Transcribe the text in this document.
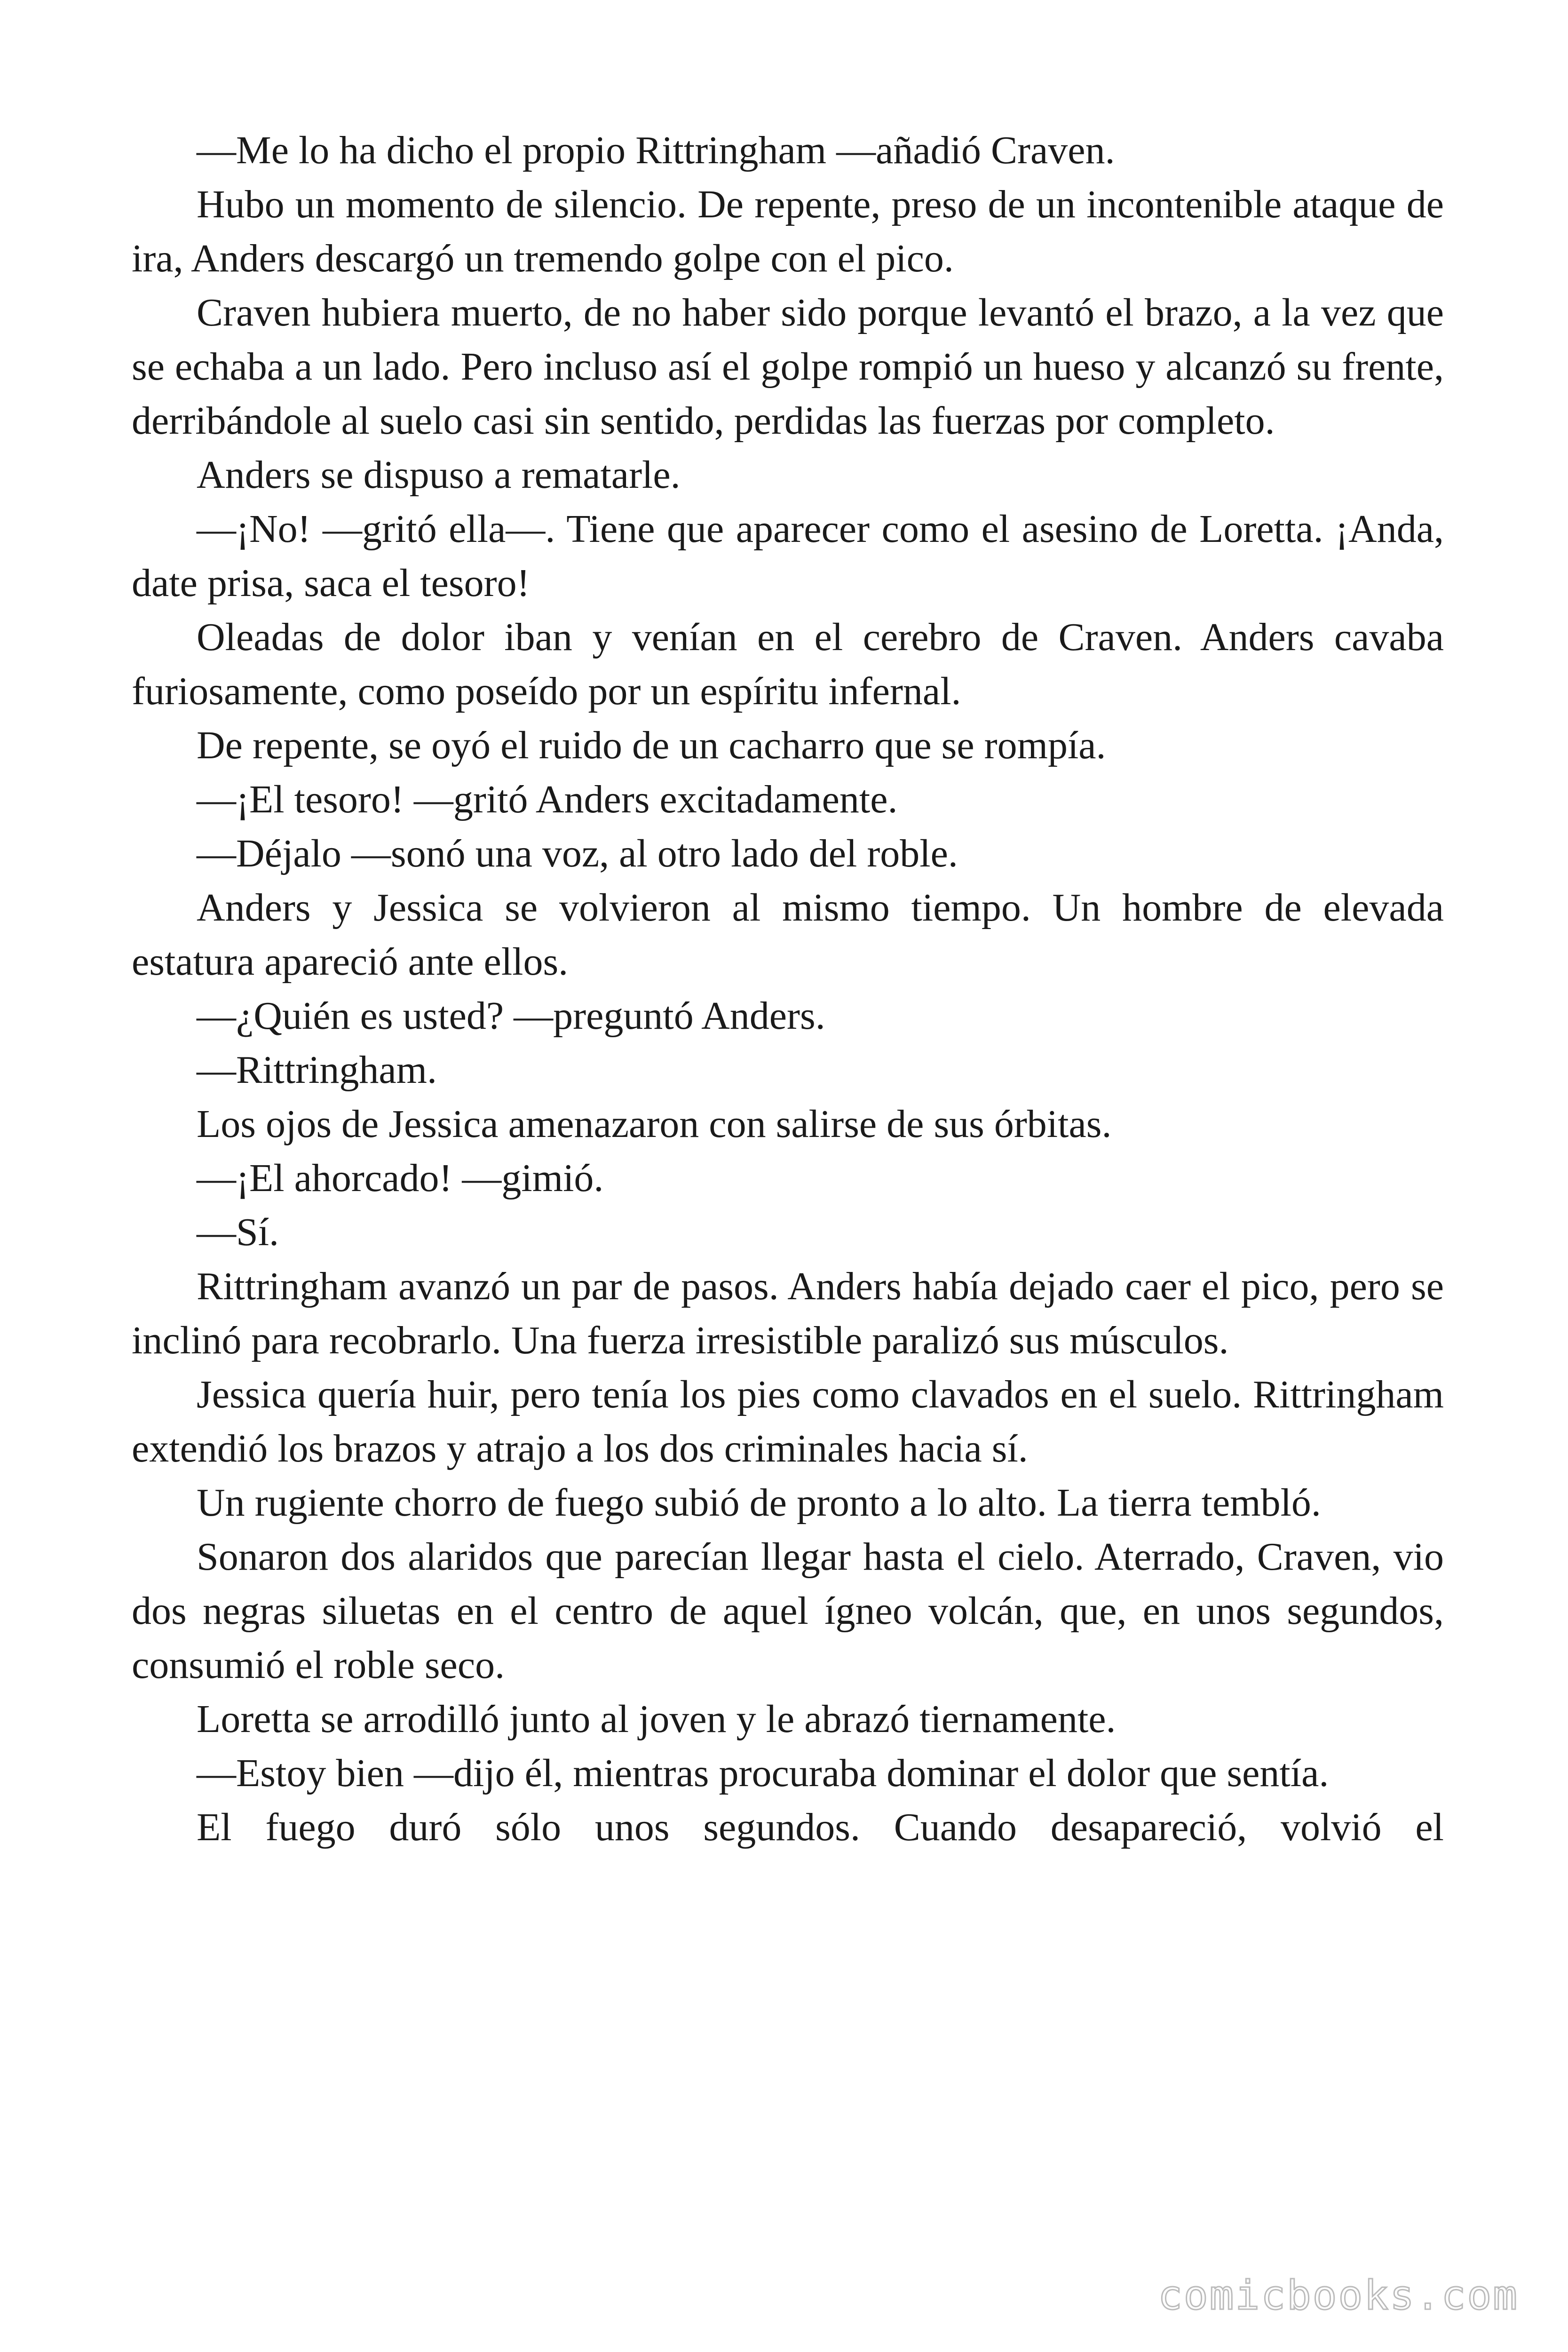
—Me lo ha dicho el propio Rittringham —añadió Craven.

Hubo un momento de silencio. De repente, preso de un incontenible ataque de ira, Anders descargó un tremendo golpe con el pico.

Craven hubiera muerto, de no haber sido porque levantó el brazo, a la vez que se echaba a un lado. Pero incluso así el golpe rompió un hueso y alcanzó su frente, derribándole al suelo casi sin sentido, perdidas las fuerzas por completo.

Anders se dispuso a rematarle.

—¡No! —gritó ella—. Tiene que aparecer como el asesino de Loretta. ¡Anda, date prisa, saca el tesoro!

Oleadas de dolor iban y venían en el cerebro de Craven. Anders cavaba furiosamente, como poseído por un espíritu infernal.

De repente, se oyó el ruido de un cacharro que se rompía.

—¡El tesoro! —gritó Anders excitadamente.

—Déjalo —sonó una voz, al otro lado del roble.

Anders y Jessica se volvieron al mismo tiempo. Un hombre de elevada estatura apareció ante ellos.

—¿Quién es usted? —preguntó Anders.

—Rittringham.

Los ojos de Jessica amenazaron con salirse de sus órbitas.

—¡El ahorcado! —gimió.

—Sí.

Rittringham avanzó un par de pasos. Anders había dejado caer el pico, pero se inclinó para recobrarlo. Una fuerza irresistible paralizó sus músculos.

Jessica quería huir, pero tenía los pies como clavados en el suelo. Rittringham extendió los brazos y atrajo a los dos criminales hacia sí.

Un rugiente chorro de fuego subió de pronto a lo alto. La tierra tembló.

Sonaron dos alaridos que parecían llegar hasta el cielo. Aterrado, Craven, vio dos negras siluetas en el centro de aquel ígneo volcán, que, en unos segundos, consumió el roble seco.

Loretta se arrodilló junto al joven y le abrazó tiernamente.

—Estoy bien —dijo él, mientras procuraba dominar el dolor que sentía.

El fuego duró sólo unos segundos. Cuando desapareció, volvió el

comicbooks.com
